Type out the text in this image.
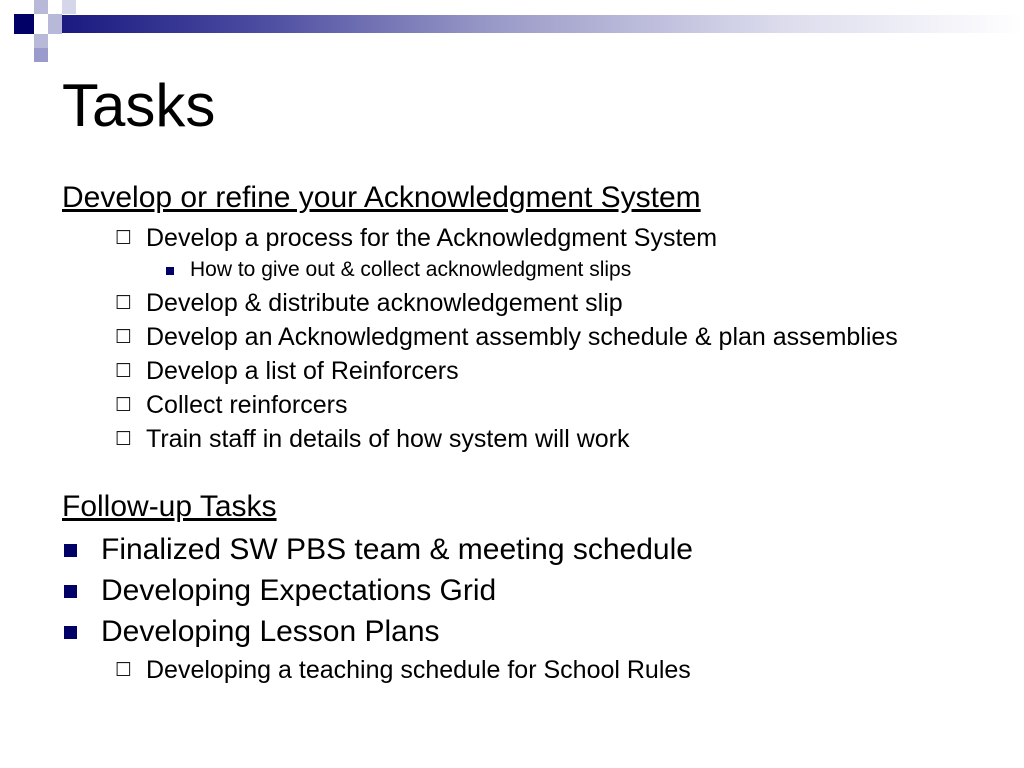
Tasks

Develop or refine your Acknowledgment System

☐ Develop a process for the Acknowledgment System
How to give out & collect acknowledgment slips
☐ Develop & distribute acknowledgement slip
☐ Develop an Acknowledgment assembly schedule & plan assemblies
☐ Develop a list of Reinforcers
☐ Collect reinforcers
☐ Train staff in details of how system will work

Follow-up Tasks

Finalized SW PBS team & meeting schedule
Developing Expectations Grid
Developing Lesson Plans
☐ Developing a teaching schedule for School Rules
